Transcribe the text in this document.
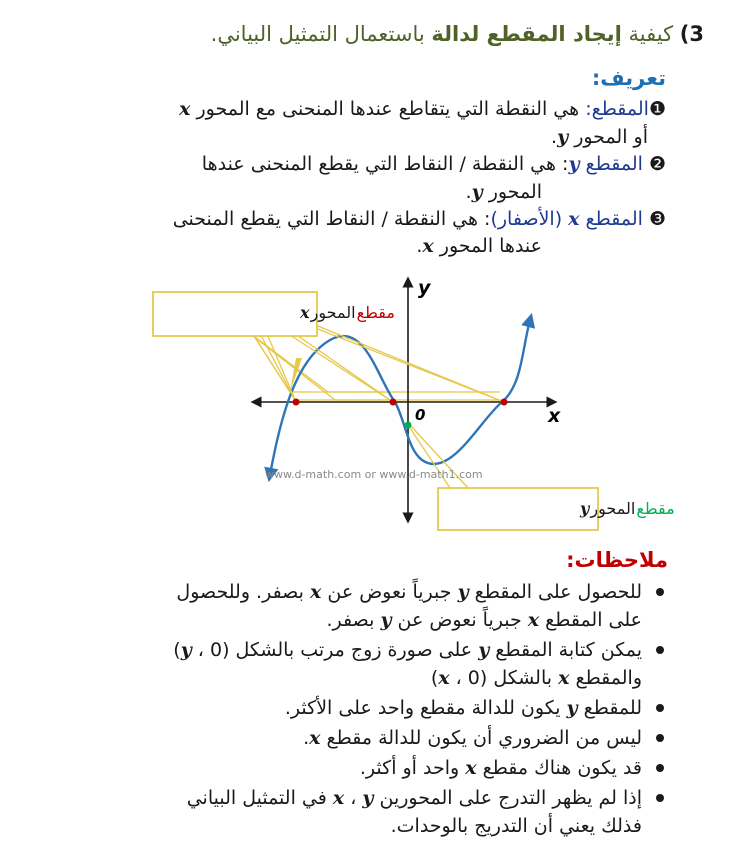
3) كيفية إيجاد المقطع لدالة باستعمال التمثيل البياني.
تعريف:
❶المقطع: هي النقطة التي يتقاطع عندها المنحنى مع المحور x
أو المحور y.
❷ المقطع y: هي النقطة / النقاط التي يقطع المنحنى عندها
المحور y.
❸ المقطع x (الأصفار): هي النقطة / النقاط التي يقطع المنحنى
عندها المحور x.
x
y
0
www.d-math.com or www.d-math1.com
مقطع المحور x
مقطع المحور y
ملاحظات:
للحصول على المقطع y جبرياً نعوض عن x بصفر. وللحصول
على المقطع x جبرياً نعوض عن y بصفر.
يمكن كتابة المقطع y على صورة زوج مرتب بالشكل (y ، 0)
والمقطع x بالشكل (0 ، x)
للمقطع y يكون للدالة مقطع واحد على الأكثر.
ليس من الضروري أن يكون للدالة مقطع x.
قد يكون هناك مقطع x واحد أو أكثر.
إذا لم يظهر التدرج على المحورين x ، y في التمثيل البياني
فذلك يعني أن التدريج بالوحدات.
